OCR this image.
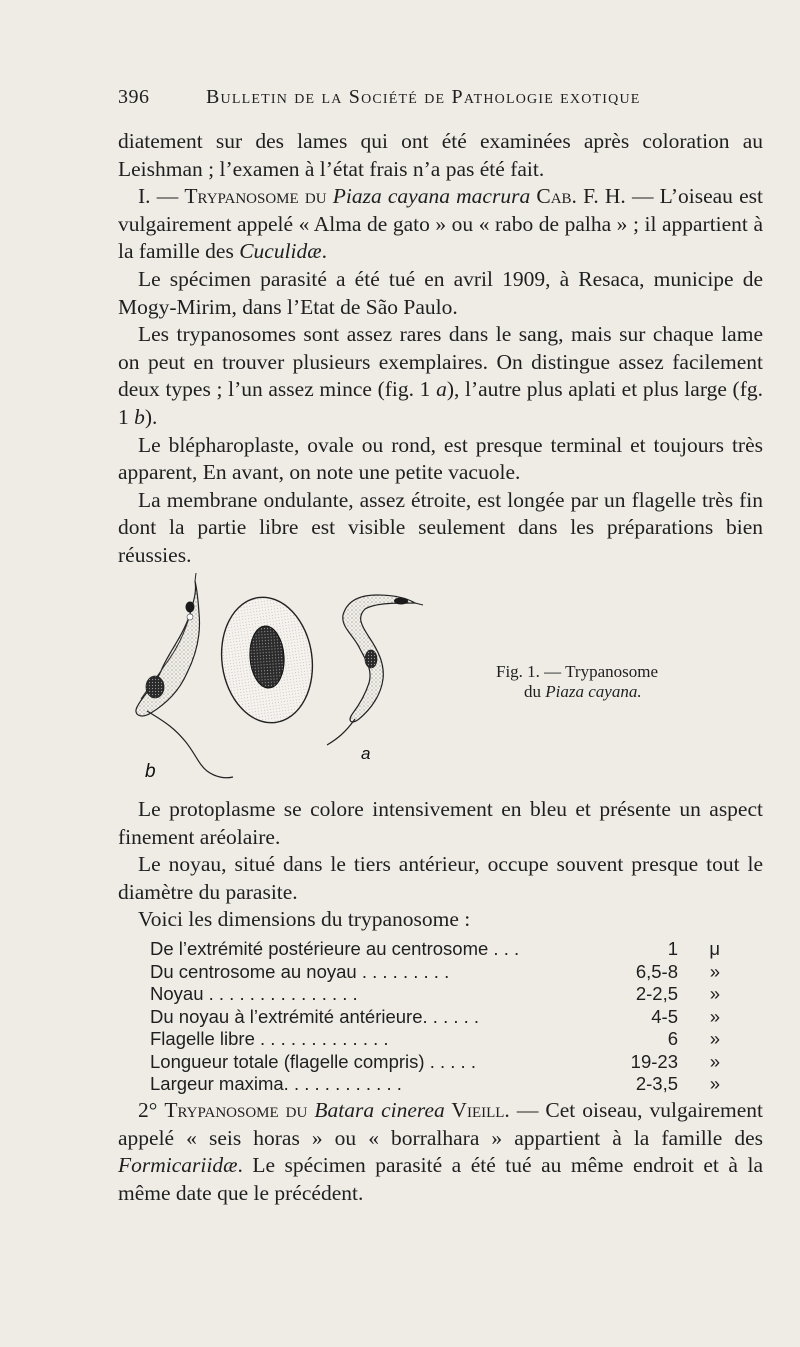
396	Bulletin de la Société de Pathologie exotique

diatement sur des lames qui ont été examinées après coloration au Leishman ; l’examen à l’état frais n’a pas été fait.

I. — Trypanosome du Piaza cayana macrura Cab. F. H. — L’oiseau est vulgairement appelé « Alma de gato » ou « rabo de palha » ; il appartient à la famille des Cuculidæ.

Le spécimen parasité a été tué en avril 1909, à Resaca, municipe de Mogy-Mirim, dans l’Etat de São Paulo.

Les trypanosomes sont assez rares dans le sang, mais sur chaque lame on peut en trouver plusieurs exemplaires. On distingue assez facilement deux types ; l’un assez mince (fig. 1 a), l’autre plus aplati et plus large (fg. 1 b).

Le blépharoplaste, ovale ou rond, est presque terminal et toujours très apparent, En avant, on note une petite vacuole.

La membrane ondulante, assez étroite, est longée par un flagelle très fin dont la partie libre est visible seulement dans les préparations bien réussies.

a
b
Fig. 1. — Trypanosome
du Piaza cayana.

Le protoplasme se colore intensivement en bleu et présente un aspect finement aréolaire.

Le noyau, situé dans le tiers antérieur, occupe souvent presque tout le diamètre du parasite.

Voici les dimensions du trypanosome :

De l’extrémité postérieure au centrosome . . .	1	μ
Du centrosome au noyau . . . . . . . . .	6,5-8	»
Noyau . . . . . . . . . . . . . . .	2-2,5	»
Du noyau à l’extrémité antérieure. . . . . .	4-5	»
Flagelle libre . . . . . . . . . . . . .	6	»
Longueur totale (flagelle compris) . . . . .	19-23	»
Largeur maxima. . . . . . . . . . . .	2-3,5	»

2° Trypanosome du Batara cinerea Vieill. — Cet oiseau, vulgairement appelé « seis horas » ou « borralhara » appartient à la famille des Formicariidæ. Le spécimen parasité a été tué au même endroit et à la même date que le précédent.
